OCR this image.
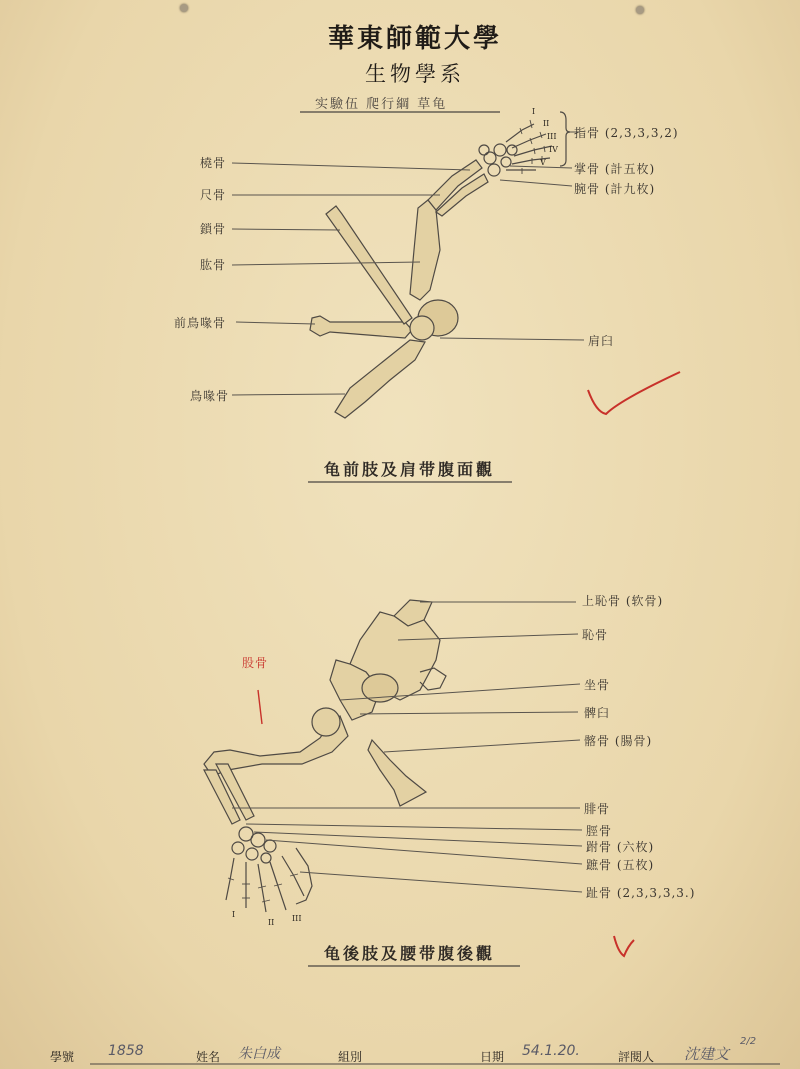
華東師範大學
生物學系
实驗伍 爬行綱 草龟
橈骨
尺骨
鎖骨
肱骨
前鳥喙骨
鳥喙骨
指骨 (2,3,3,3,2)
掌骨 (計五枚)
腕骨 (計九枚)
肩臼
I
II
III
IV
V
龟前肢及肩带腹面觀
上恥骨 (软骨)
恥骨
坐骨
髀臼
髂骨 (腸骨)
腓骨
脛骨
跗骨 (六枚)
蹠骨 (五枚)
趾骨 (2,3,3,3,3.)
股骨
I
II III
龟後肢及腰带腹後觀
學號 1858	姓名 朱白成	組別	日期 54.1.20.	評閱人 沈建文
2/2
